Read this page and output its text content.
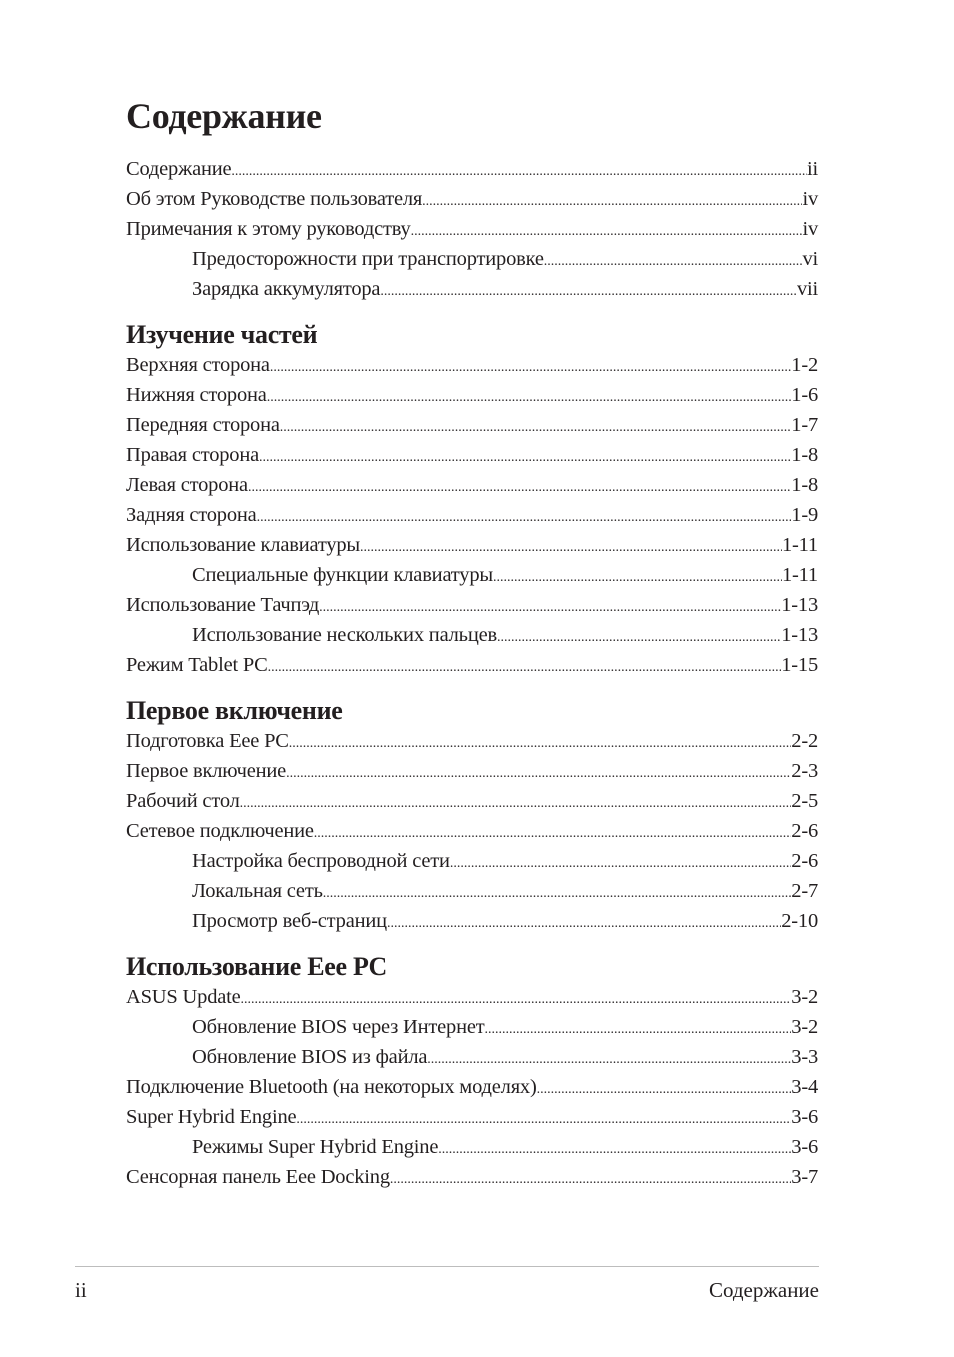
Содержание
Содержание .....	ii
Об этом Руководстве пользователя .....	iv
Примечания к этому руководству .....	iv
Предосторожности при транспортировке .....	vi
Зарядка аккумулятора .....	vii
Изучение частей
Верхняя сторона .....	1-2
Нижняя сторона .....	1-6
Передняя сторона .....	1-7
Правая сторона .....	1-8
Левая сторона .....	1-8
Задняя сторона .....	1-9
Использование клавиатуры .....	1-11
Специальные функции клавиатуры .....	1-11
Использование Тачпэд .....	1-13
Использование нескольких пальцев .....	1-13
Режим Tablet PC .....	1-15
Первое включение
Подготовка Eee PC .....	2-2
Первое включение .....	2-3
Рабочий стол .....	2-5
Сетевое подключение .....	2-6
Настройка беспроводной сети .....	2-6
Локальная сеть .....	2-7
Просмотр веб-страниц .....	2-10
Использование Eee PC
ASUS Update .....	3-2
Обновление BIOS через Интернет .....	3-2
Обновление BIOS из файла .....	3-3
Подключение Bluetooth (на некоторых моделях) .....	3-4
Super Hybrid Engine .....	3-6
Режимы Super Hybrid Engine .....	3-6
Сенсорная панель Eee Docking .....	3-7
ii	Содержание
